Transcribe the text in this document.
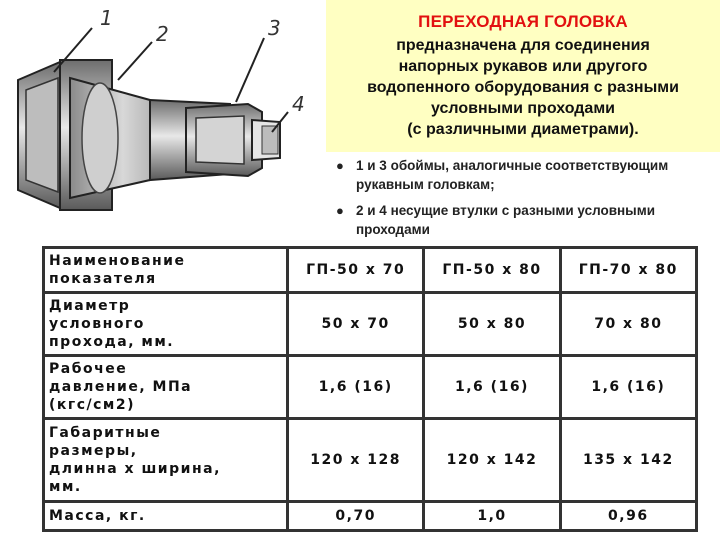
1
2	3
4
ПЕРЕХОДНАЯ ГОЛОВКА
предназначена для соединения
напорных рукавов или другого
водопенного оборудования с разными
условными проходами
(с различными диаметрами).
● 1 и 3 обоймы, аналогичные соответствующим
рукавным головкам;
● 2 и 4 несущие втулки с разными условными
проходами
Наименование
показателя	ГП-50 х 70	ГП-50 х 80	ГП-70 х 80

Диаметр
условного
прохода, мм.	50 х 70	50 х 80	70 х 80

Рабочее
давление, МПа
(кгс/см2)	1,6 (16)	1,6 (16)	1,6 (16)

Габаритные
размеры,
длинна х ширина,
мм.	120 х 128	120 х 142	135 х 142

Масса, кг.	0,70	1,0	0,96
